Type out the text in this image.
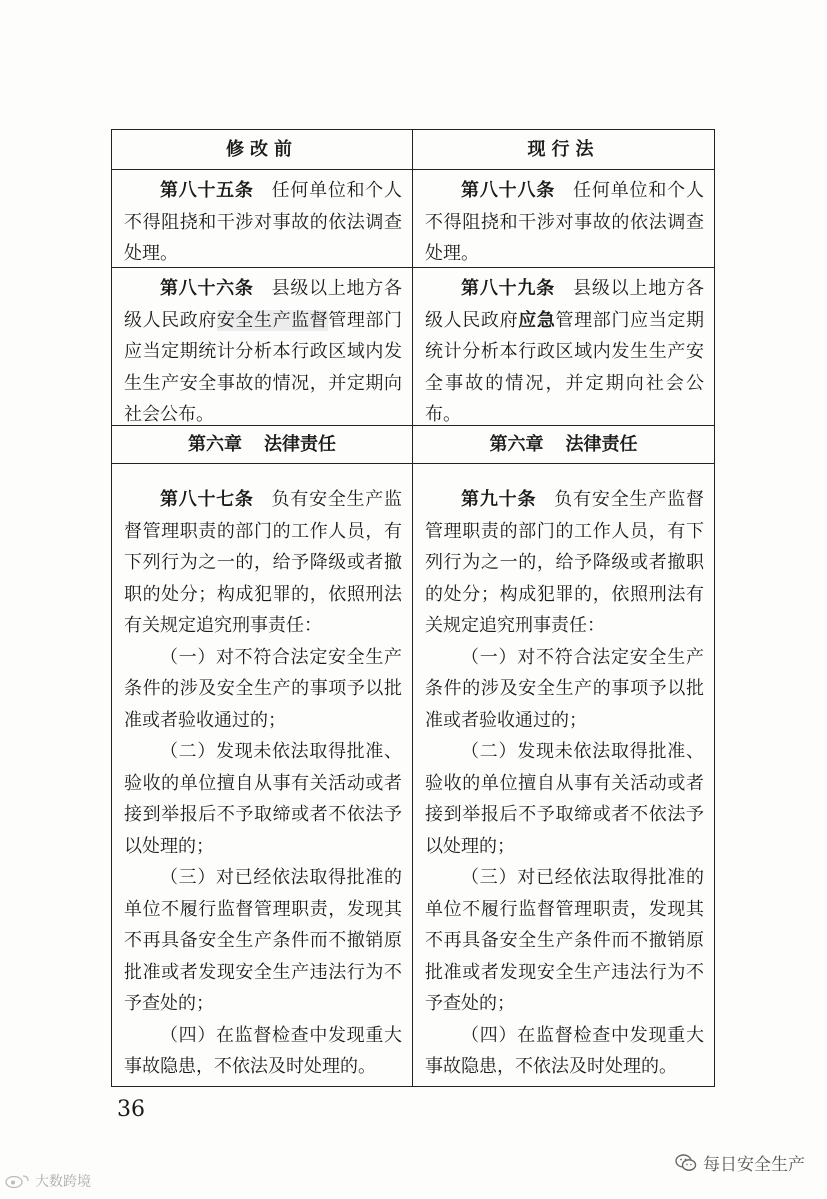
修改前	现行法

第八十五条 任何单位和个人不得阻挠和干涉对事故的依法调查处理。

第八十八条 任何单位和个人不得阻挠和干涉对事故的依法调查处理。

第八十六条 县级以上地方各级人民政府安全生产监督管理部门应当定期统计分析本行政区域内发生生产安全事故的情况，并定期向社会公布。

第八十九条 县级以上地方各级人民政府应急管理部门应当定期统计分析本行政区域内发生生产安全事故的情况，并定期向社会公布。

第六章 法律责任	第六章 法律责任

第八十七条 负有安全生产监督管理职责的部门的工作人员，有下列行为之一的，给予降级或者撤职的处分；构成犯罪的，依照刑法有关规定追究刑事责任：

（一）对不符合法定安全生产条件的涉及安全生产的事项予以批准或者验收通过的；

（二）发现未依法取得批准、验收的单位擅自从事有关活动或者接到举报后不予取缔或者不依法予以处理的；

（三）对已经依法取得批准的单位不履行监督管理职责，发现其不再具备安全生产条件而不撤销原批准或者发现安全生产违法行为不予查处的；

（四）在监督检查中发现重大事故隐患，不依法及时处理的。

第九十条 负有安全生产监督管理职责的部门的工作人员，有下列行为之一的，给予降级或者撤职的处分；构成犯罪的，依照刑法有关规定追究刑事责任：

（一）对不符合法定安全生产条件的涉及安全生产的事项予以批准或者验收通过的；

（二）发现未依法取得批准、验收的单位擅自从事有关活动或者接到举报后不予取缔或者不依法予以处理的；

（三）对已经依法取得批准的单位不履行监督管理职责，发现其不再具备安全生产条件而不撤销原批准或者发现安全生产违法行为不予查处的；

（四）在监督检查中发现重大事故隐患，不依法及时处理的。

36
每日安全生产
大数跨境
